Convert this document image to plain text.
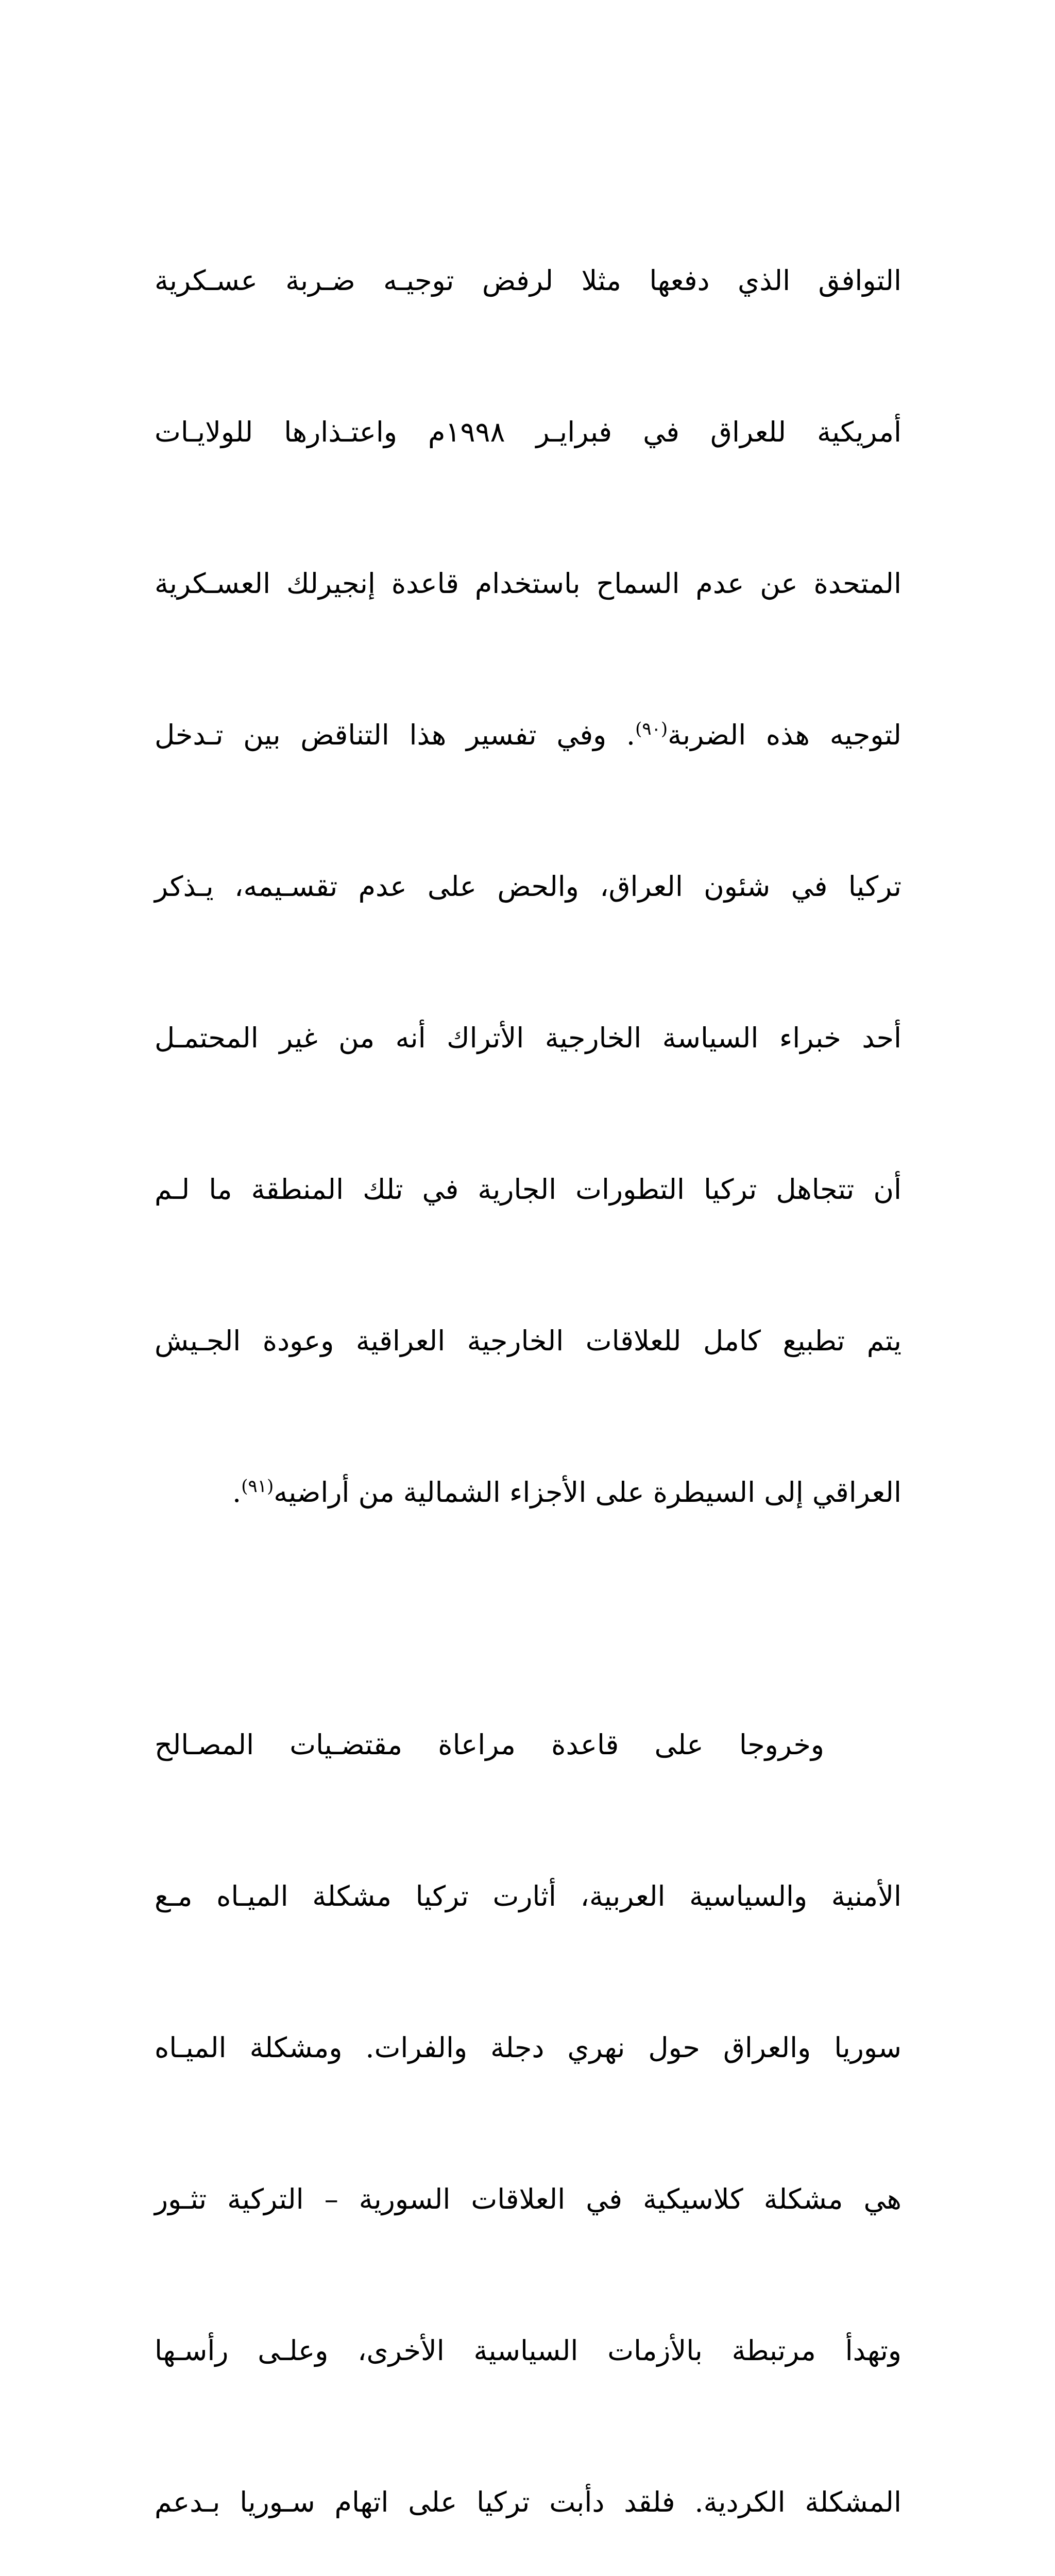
التوافق الذي دفعها مثلا لرفض توجيـه ضـربة عسـكرية

أمريكية للعراق في فبرايـر ١٩٩٨م واعتـذارها للولايـات

المتحدة عن عدم السماح باستخدام قاعدة إنجيرلك العسـكرية

لتوجيه هذه الضربة$^{(٩٠)}$. وفي تفسير هذا التناقض بين تـدخل

تركيا في شئون العراق، والحض على عدم تقسـيمه، يـذكر

أحد خبراء السياسة الخارجية الأتراك أنه من غير المحتمـل

أن تتجاهل تركيا التطورات الجارية في تلك المنطقة ما لـم

يتم تطبيع كامل للعلاقات الخارجية العراقية وعودة الجـيش

العراقي إلى السيطرة على الأجزاء الشمالية من أراضيه$^{(٩١)}$.

وخروجا على قاعدة مراعاة مقتضـيات المصـالح

الأمنية والسياسية العربية، أثارت تركيا مشكلة الميـاه مـع

سوريا والعراق حول نهري دجلة والفرات. ومشكلة الميـاه

هي مشكلة كلاسيكية في العلاقات السورية – التركية تثـور

وتهدأ مرتبطة بالأزمات السياسية الأخرى، وعلـى رأسـها

المشكلة الكردية. فلقد دأبت تركيا على اتهام سـوريا بـدعم
